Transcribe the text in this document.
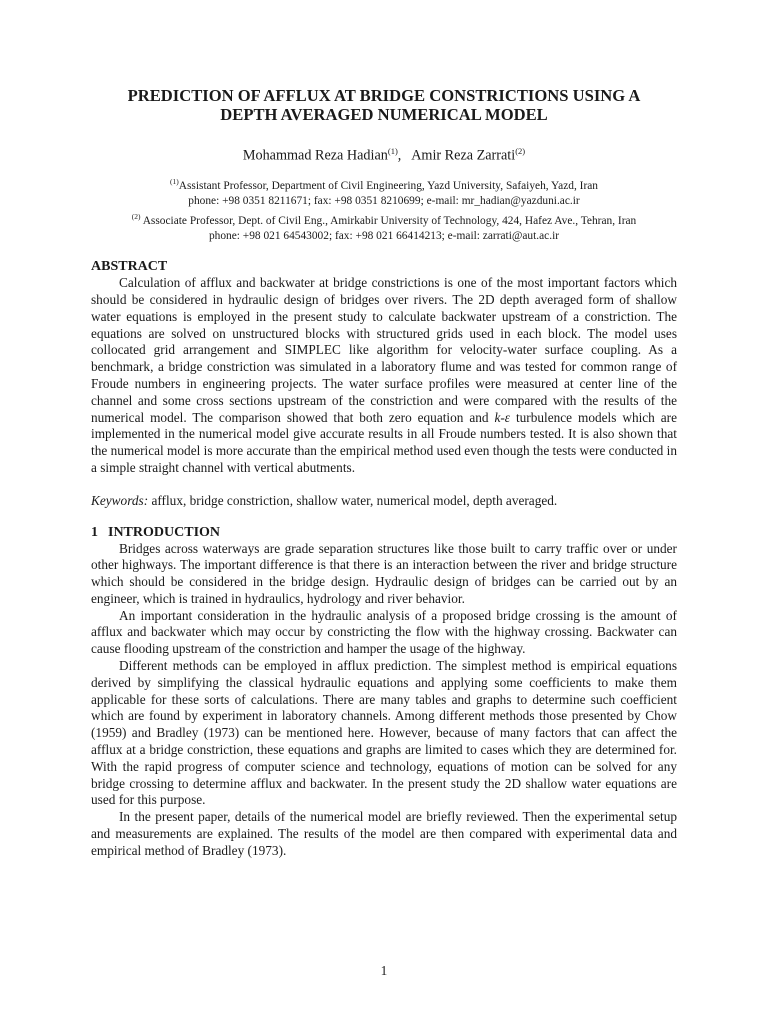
PREDICTION OF AFFLUX AT BRIDGE CONSTRICTIONS USING A
DEPTH AVERAGED NUMERICAL MODEL
Mohammad Reza Hadian$^{(1)}$, Amir Reza Zarrati$^{(2)}$
$^{(1)}$Assistant Professor, Department of Civil Engineering, Yazd University, Safaiyeh, Yazd, Iran
phone: +98 0351 8211671; fax: +98 0351 8210699; e-mail: mr_hadian@yazduni.ac.ir
$^{(2)}$ Associate Professor, Dept. of Civil Eng., Amirkabir University of Technology, 424, Hafez Ave., Tehran, Iran
phone: +98 021 64543002; fax: +98 021 66414213; e-mail: zarrati@aut.ac.ir
ABSTRACT

Calculation of afflux and backwater at bridge constrictions is one of the most important factors which should be considered in hydraulic design of bridges over rivers. The 2D depth averaged form of shallow water equations is employed in the present study to calculate backwater upstream of a constriction. The equations are solved on unstructured blocks with structured grids used in each block. The model uses collocated grid arrangement and SIMPLEC like algorithm for velocity-water surface coupling. As a benchmark, a bridge constriction was simulated in a laboratory flume and was tested for common range of Froude numbers in engineering projects. The water surface profiles were measured at center line of the channel and some cross sections upstream of the constriction and were compared with the results of the numerical model. The comparison showed that both zero equation and k-ε turbulence models which are implemented in the numerical model give accurate results in all Froude numbers tested. It is also shown that the numerical model is more accurate than the empirical method used even though the tests were conducted in a simple straight channel with vertical abutments.

Keywords: afflux, bridge constriction, shallow water, numerical model, depth averaged.
1 INTRODUCTION

Bridges across waterways are grade separation structures like those built to carry traffic over or under other highways. The important difference is that there is an interaction between the river and bridge structure which should be considered in the bridge design. Hydraulic design of bridges can be carried out by an engineer, which is trained in hydraulics, hydrology and river behavior.

An important consideration in the hydraulic analysis of a proposed bridge crossing is the amount of afflux and backwater which may occur by constricting the flow with the highway crossing. Backwater can cause flooding upstream of the constriction and hamper the usage of the highway.

Different methods can be employed in afflux prediction. The simplest method is empirical equations derived by simplifying the classical hydraulic equations and applying some coefficients to make them applicable for these sorts of calculations. There are many tables and graphs to determine such coefficient which are found by experiment in laboratory channels. Among different methods those presented by Chow (1959) and Bradley (1973) can be mentioned here. However, because of many factors that can affect the afflux at a bridge constriction, these equations and graphs are limited to cases which they are determined for. With the rapid progress of computer science and technology, equations of motion can be solved for any bridge crossing to determine afflux and backwater. In the present study the 2D shallow water equations are used for this purpose.

In the present paper, details of the numerical model are briefly reviewed. Then the experimental setup and measurements are explained. The results of the model are then compared with experimental data and empirical method of Bradley (1973).

1
